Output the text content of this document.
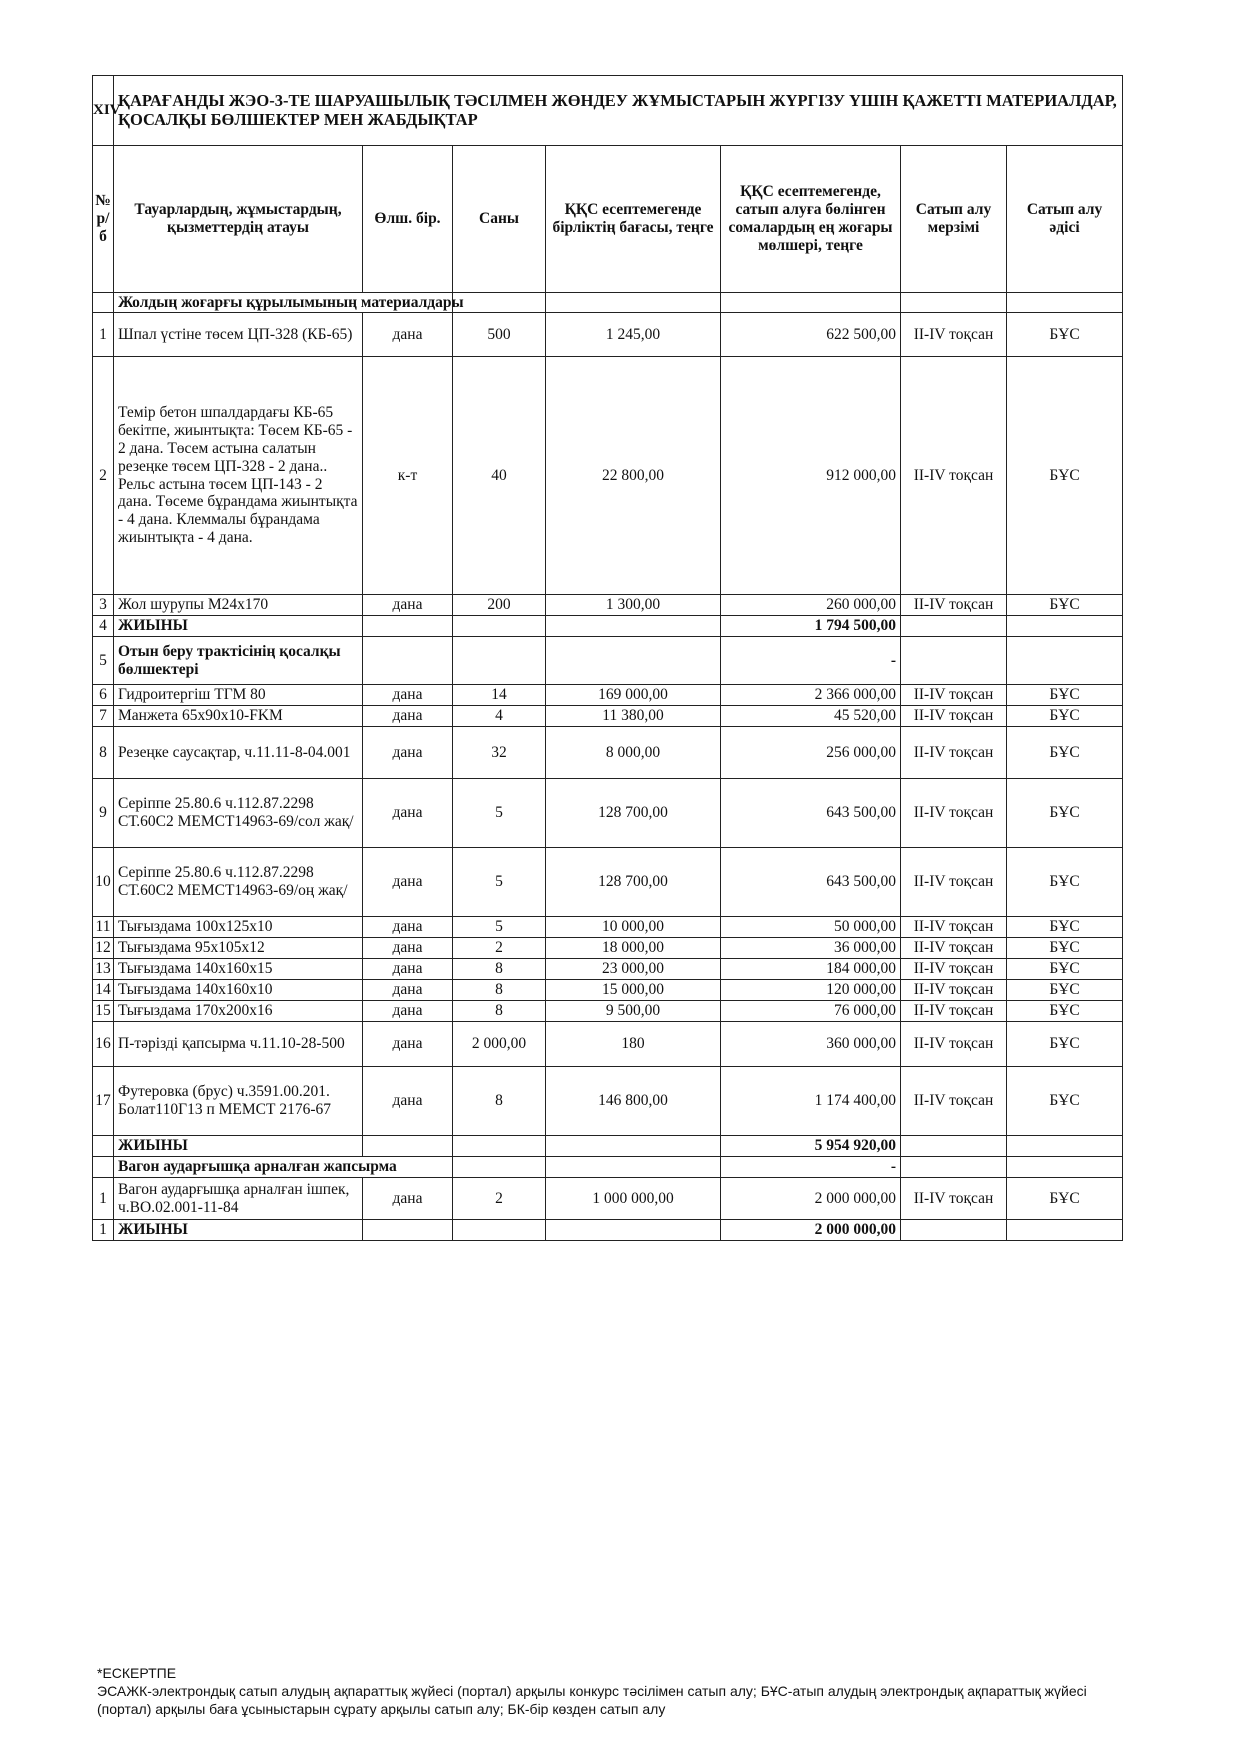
XIV	ҚАРАҒАНДЫ ЖЭО-3-ТЕ ШАРУАШЫЛЫҚ ТӘСІЛМЕН ЖӨНДЕУ ЖҰМЫСТАРЫН ЖҮРГІЗУ ҮШІН ҚАЖЕТТІ МАТЕРИАЛДАР, ҚОСАЛҚЫ БӨЛШЕКТЕР МЕН ЖАБДЫҚТАР						
№ р/б	Тауарлардың, жұмыстардың, қызметтердің атауы	Өлш. бір.	Саны	ҚҚС есептемегенде бірліктің бағасы, теңге	ҚҚС есептемегенде, сатып алуға бөлінген сомалардың ең жоғары мөлшері, теңге	Сатып алу мерзімі	Сатып алу әдісі
	Жолдың жоғарғы құрылымының материалдары						
1	Шпал үстіне төсем ЦП-328 (КБ-65)	дана	500	1 245,00	622 500,00	II-IV тоқсан	БҰС
2	Темір бетон шпалдардағы КБ-65 бекітпе, жиынтықта: Төсем КБ-65 - 2 дана. Төсем астына салатын резеңке төсем ЦП-328 - 2 дана.. Рельс астына төсем ЦП-143 - 2 дана. Төсеме бұрандама жиынтықта - 4 дана. Клеммалы бұрандама жиынтықта - 4 дана.	к-т	40	22 800,00	912 000,00	II-IV тоқсан	БҰС
3	Жол шурупы М24х170	дана	200	1 300,00	260 000,00	II-IV тоқсан	БҰС
4	ЖИЫНЫ				1 794 500,00		
5	Отын беру трактісінің қосалқы бөлшектері				-		
6	Гидроитергіш ТГМ 80	дана	14	169 000,00	2 366 000,00	II-IV тоқсан	БҰС
7	Манжета 65х90х10-FKM	дана	4	11 380,00	45 520,00	II-IV тоқсан	БҰС
8	Резеңке саусақтар, ч.11.11-8-04.001	дана	32	8 000,00	256 000,00	II-IV тоқсан	БҰС
9	Серіппе 25.80.6 ч.112.87.2298 СТ.60С2 МЕМСТ14963-69/сол жақ/	дана	5	128 700,00	643 500,00	II-IV тоқсан	БҰС
10	Серіппе 25.80.6 ч.112.87.2298 СТ.60С2 МЕМСТ14963-69/оң жақ/	дана	5	128 700,00	643 500,00	II-IV тоқсан	БҰС
11	Тығыздама 100х125х10	дана	5	10 000,00	50 000,00	II-IV тоқсан	БҰС
12	Тығыздама 95х105х12	дана	2	18 000,00	36 000,00	II-IV тоқсан	БҰС
13	Тығыздама 140х160х15	дана	8	23 000,00	184 000,00	II-IV тоқсан	БҰС
14	Тығыздама 140х160х10	дана	8	15 000,00	120 000,00	II-IV тоқсан	БҰС
15	Тығыздама 170х200х16	дана	8	9 500,00	76 000,00	II-IV тоқсан	БҰС
16	П-тәрізді қапсырма ч.11.10-28-500	дана	2 000,00	180	360 000,00	II-IV тоқсан	БҰС
17	Футеровка (брус) ч.3591.00.201. Болат110Г13 п МЕМСТ 2176-67	дана	8	146 800,00	1 174 400,00	II-IV тоқсан	БҰС
	ЖИЫНЫ				5 954 920,00		
	Вагон аударғышқа арналған жапсырма				-		
1	Вагон аударғышқа арналған ішпек, ч.ВО.02.001-11-84	дана	2	1 000 000,00	2 000 000,00	II-IV тоқсан	БҰС
1	ЖИЫНЫ				2 000 000,00		
*ЕСКЕРТПЕ
ЭСАЖК-электрондық сатып алудың ақпараттық жүйесі (портал) арқылы конкурс тәсілімен сатып алу; БҰС-атып алудың электрондық ақпараттық жүйесі (портал) арқылы баға ұсыныстарын сұрату арқылы сатып алу; БК-бір көзден сатып алу
